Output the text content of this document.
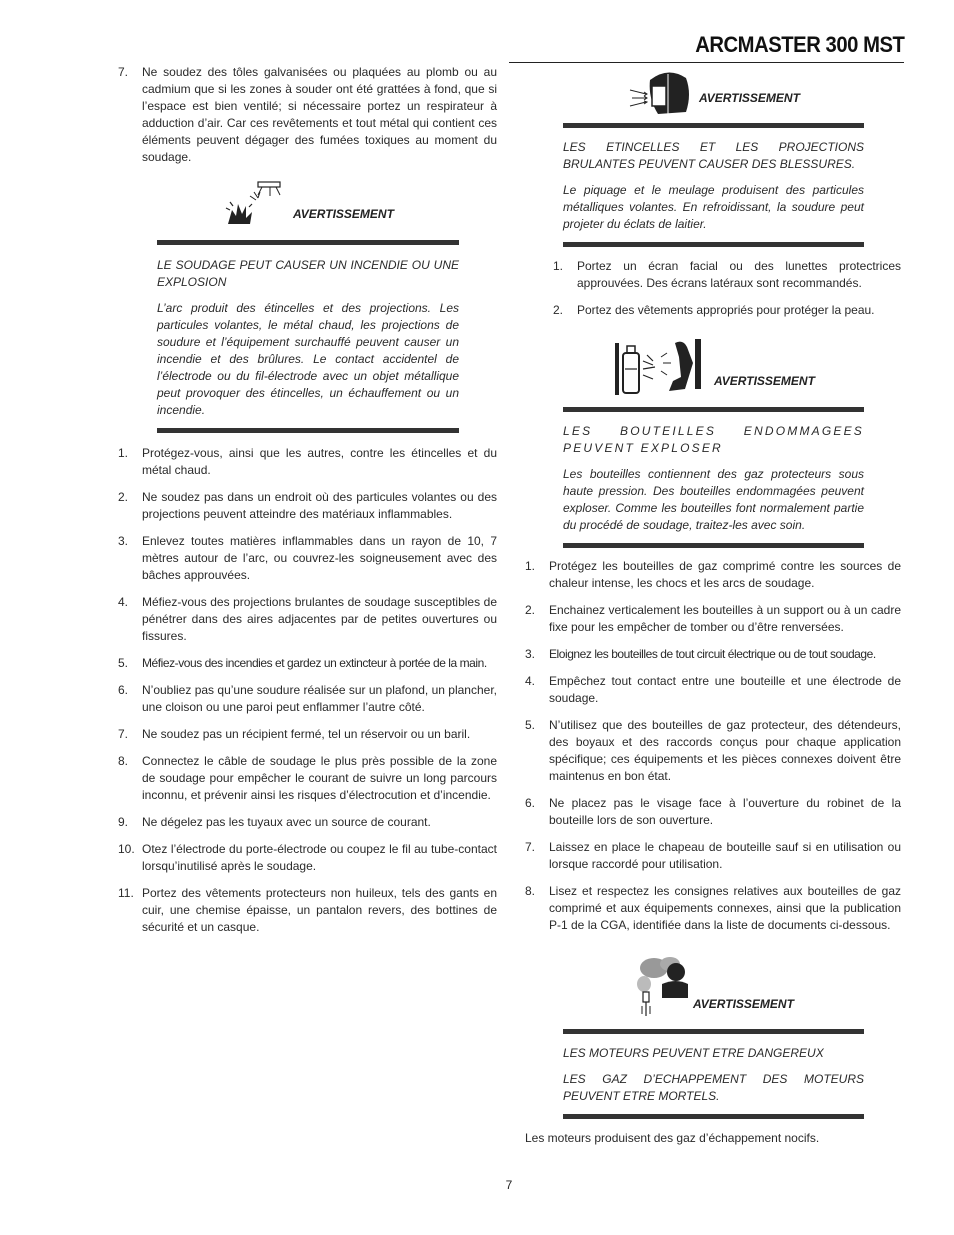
ARCMASTER 300 MST
7.	Ne soudez des tôles galvanisées ou plaquées au plomb ou au cadmium que si les zones à souder ont été grattées à fond, que si l’espace est bien ventilé; si nécessaire portez un respirateur à adduction d’air. Car ces revêtements et tout métal qui contient ces éléments peuvent dégager des fumées toxiques au moment du soudage.
AVERTISSEMENT

LE SOUDAGE PEUT CAUSER UN INCENDIE OU UNE EXPLOSION

L’arc produit des étincelles et des projections. Les particules volantes, le métal chaud, les projections de soudure et l’équipement surchauffé peuvent causer un incendie et des brûlures. Le contact accidentel de l’électrode ou du fil-électrode avec un objet métallique peut provoquer des étincelles, un échauffement ou un incendie.

1.	Protégez-vous, ainsi que les autres, contre les étincelles et du métal chaud.
2.	Ne soudez pas dans un endroit où des particules volantes ou des projections peuvent atteindre des matériaux inflammables.
3.	Enlevez toutes matières inflammables dans un rayon de 10, 7 mètres autour de l’arc, ou couvrez-les soigneusement avec des bâches approuvées.
4.	Méfiez-vous des projections brulantes de soudage susceptibles de pénétrer dans des aires adjacentes par de petites ouvertures ou fissures.
5.	Méfiez-vous des incendies et gardez un extincteur à portée de la main.
6.	N’oubliez pas qu’une soudure réalisée sur un plafond, un plancher, une cloison ou une paroi peut enflammer l’autre côté.
7.	Ne soudez pas un récipient fermé, tel un réservoir ou un baril.
8.	Connectez le câble de soudage le plus près possible de la zone de soudage pour empêcher le courant de suivre un long parcours inconnu, et prévenir ainsi les risques d’électrocution et d’incendie.
9.	Ne dégelez pas les tuyaux avec un source de courant.
10. Otez l’électrode du porte-électrode ou coupez le fil au tube-contact lorsqu’inutilisé après le soudage.
11. Portez des vêtements protecteurs non huileux, tels des gants en cuir, une chemise épaisse, un pantalon revers, des bottines de sécurité et un casque.
AVERTISSEMENT

LES ETINCELLES ET LES PROJECTIONS BRULANTES PEUVENT CAUSER DES BLESSURES.

Le piquage et le meulage produisent des particules métalliques volantes. En refroidissant, la soudure peut projeter du éclats de laitier.

1.	Portez un écran facial ou des lunettes protectrices approuvées. Des écrans latéraux sont recommandés.
2.	Portez des vêtements appropriés pour protéger la peau.
AVERTISSEMENT

LES BOUTEILLES ENDOMMAGEES PEUVENT EXPLOSER

Les bouteilles contiennent des gaz protecteurs sous haute pression. Des bouteilles endommagées peuvent exploser. Comme les bouteilles font normalement partie du procédé de soudage, traitez-les avec soin.

1.	Protégez les bouteilles de gaz comprimé contre les sources de chaleur intense, les chocs et les arcs de soudage.
2.	Enchainez verticalement les bouteilles à un support ou à un cadre fixe pour les empêcher de tomber ou d’être renversées.
3.	Eloignez les bouteilles de tout circuit électrique ou de tout soudage.
4.	Empêchez tout contact entre une bouteille et une électrode de soudage.
5.	N’utilisez que des bouteilles de gaz protecteur, des détendeurs, des boyaux et des raccords conçus pour chaque application spécifique; ces équipements et les pièces connexes doivent être maintenus en bon état.
6.	Ne placez pas le visage face à l’ouverture du robinet de la bouteille lors de son ouverture.
7.	Laissez en place le chapeau de bouteille sauf si en utilisation ou lorsque raccordé pour utilisation.
8.	Lisez et respectez les consignes relatives aux bouteilles de gaz comprimé et aux équipements connexes, ainsi que la publication P-1 de la CGA, identifiée dans la liste de documents ci-dessous.
AVERTISSEMENT

LES MOTEURS PEUVENT ETRE DANGEREUX

LES GAZ D’ECHAPPEMENT DES MOTEURS PEUVENT ETRE MORTELS.

Les moteurs produisent des gaz d’échappement nocifs.
7
